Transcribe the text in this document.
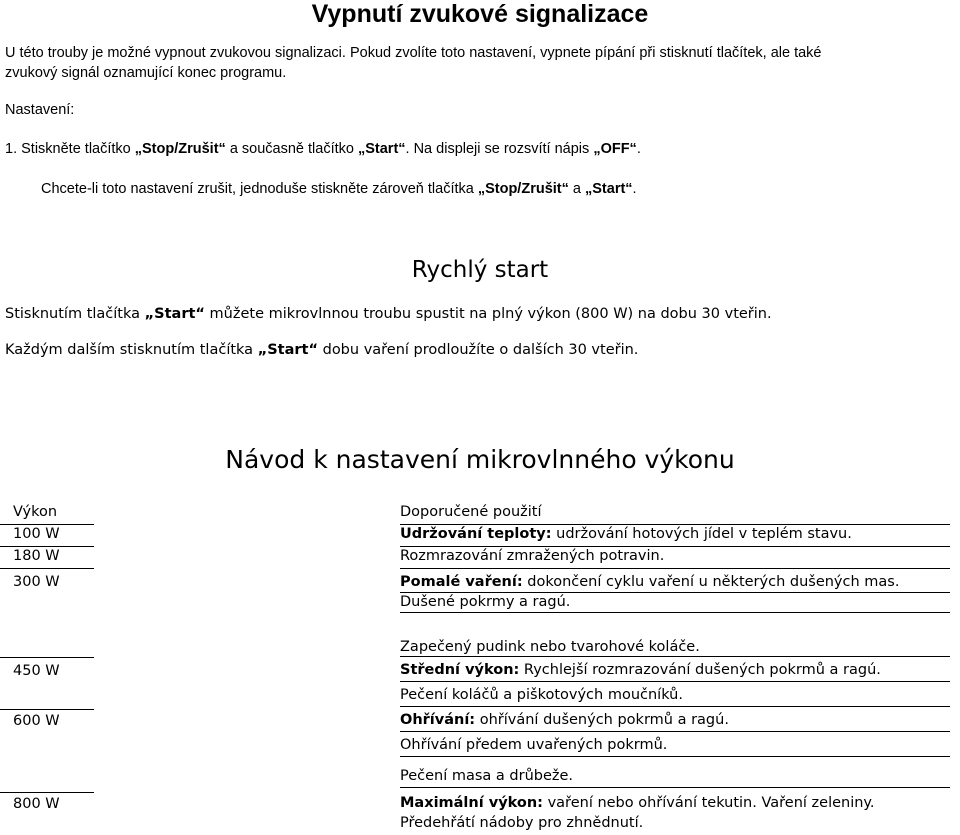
Vypnutí zvukové signalizace
U této trouby je možné vypnout zvukovou signalizaci. Pokud zvolíte toto nastavení, vypnete pípání při stisknutí tlačítek, ale také
zvukový signál oznamující konec programu.
Nastavení:
1. Stiskněte tlačítko „Stop/Zrušit“ a současně tlačítko „Start“. Na displeji se rozsvítí nápis „OFF“.
Chcete-li toto nastavení zrušit, jednoduše stiskněte zároveň tlačítka „Stop/Zrušit“ a „Start“.
Rychlý start
Stisknutím tlačítka „Start“ můžete mikrovlnnou troubu spustit na plný výkon (800 W) na dobu 30 vteřin.
Každým dalším stisknutím tlačítka „Start“ dobu vaření prodloužíte o dalších 30 vteřin.
Návod k nastavení mikrovlnného výkonu
Výkon		Doporučené použití
100 W		Udržování teploty: udržování hotových jídel v teplém stavu.
180 W		Rozmrazování zmražených potravin.
300 W		Pomalé vaření: dokončení cyklu vaření u některých dušených mas.
Dušené pokrmy a ragú.
Zapečený pudink nebo tvarohové koláče.

450 W		Střední výkon: Rychlejší rozmrazování dušených pokrmů a ragú.
Pečení koláčů a piškotových moučníků.

600 W		Ohřívání: ohřívání dušených pokrmů a ragú.
Ohřívání předem uvařených pokrmů.
Pečení masa a drůbeže.

800 W		Maximální výkon: vaření nebo ohřívání tekutin. Vaření zeleniny.
Předehřátí nádoby pro zhnědnutí.
